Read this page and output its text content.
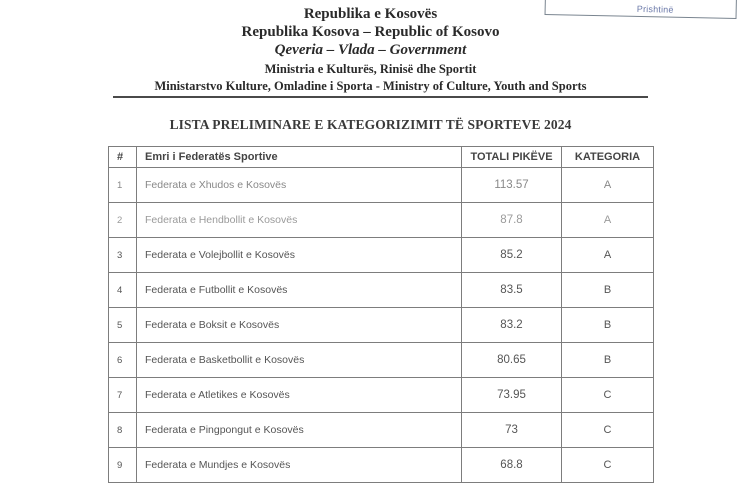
Prishtinë
Republika e Kosovës
Republika Kosova – Republic of Kosovo
Qeveria – Vlada – Government
Ministria e Kulturës, Rinisë dhe Sportit
Ministarstvo Kulture, Omladine i Sporta - Ministry of Culture, Youth and Sports
LISTA PRELIMINARE E KATEGORIZIMIT TË SPORTEVE 2024
#	Emri i Federatës Sportive	TOTALI PIKËVE	KATEGORIA
1	Federata e Xhudos e Kosovës	113.57	A
2	Federata e Hendbollit e Kosovës	87.8	A
3	Federata e Volejbollit e Kosovës	85.2	A
4	Federata e Futbollit e Kosovës	83.5	B
5	Federata e Boksit e Kosovës	83.2	B
6	Federata e Basketbollit e Kosovës	80.65	B
7	Federata e Atletikes e Kosovës	73.95	C
8	Federata e Pingpongut e Kosovës	73	C
9	Federata e Mundjes e Kosovës	68.8	C
